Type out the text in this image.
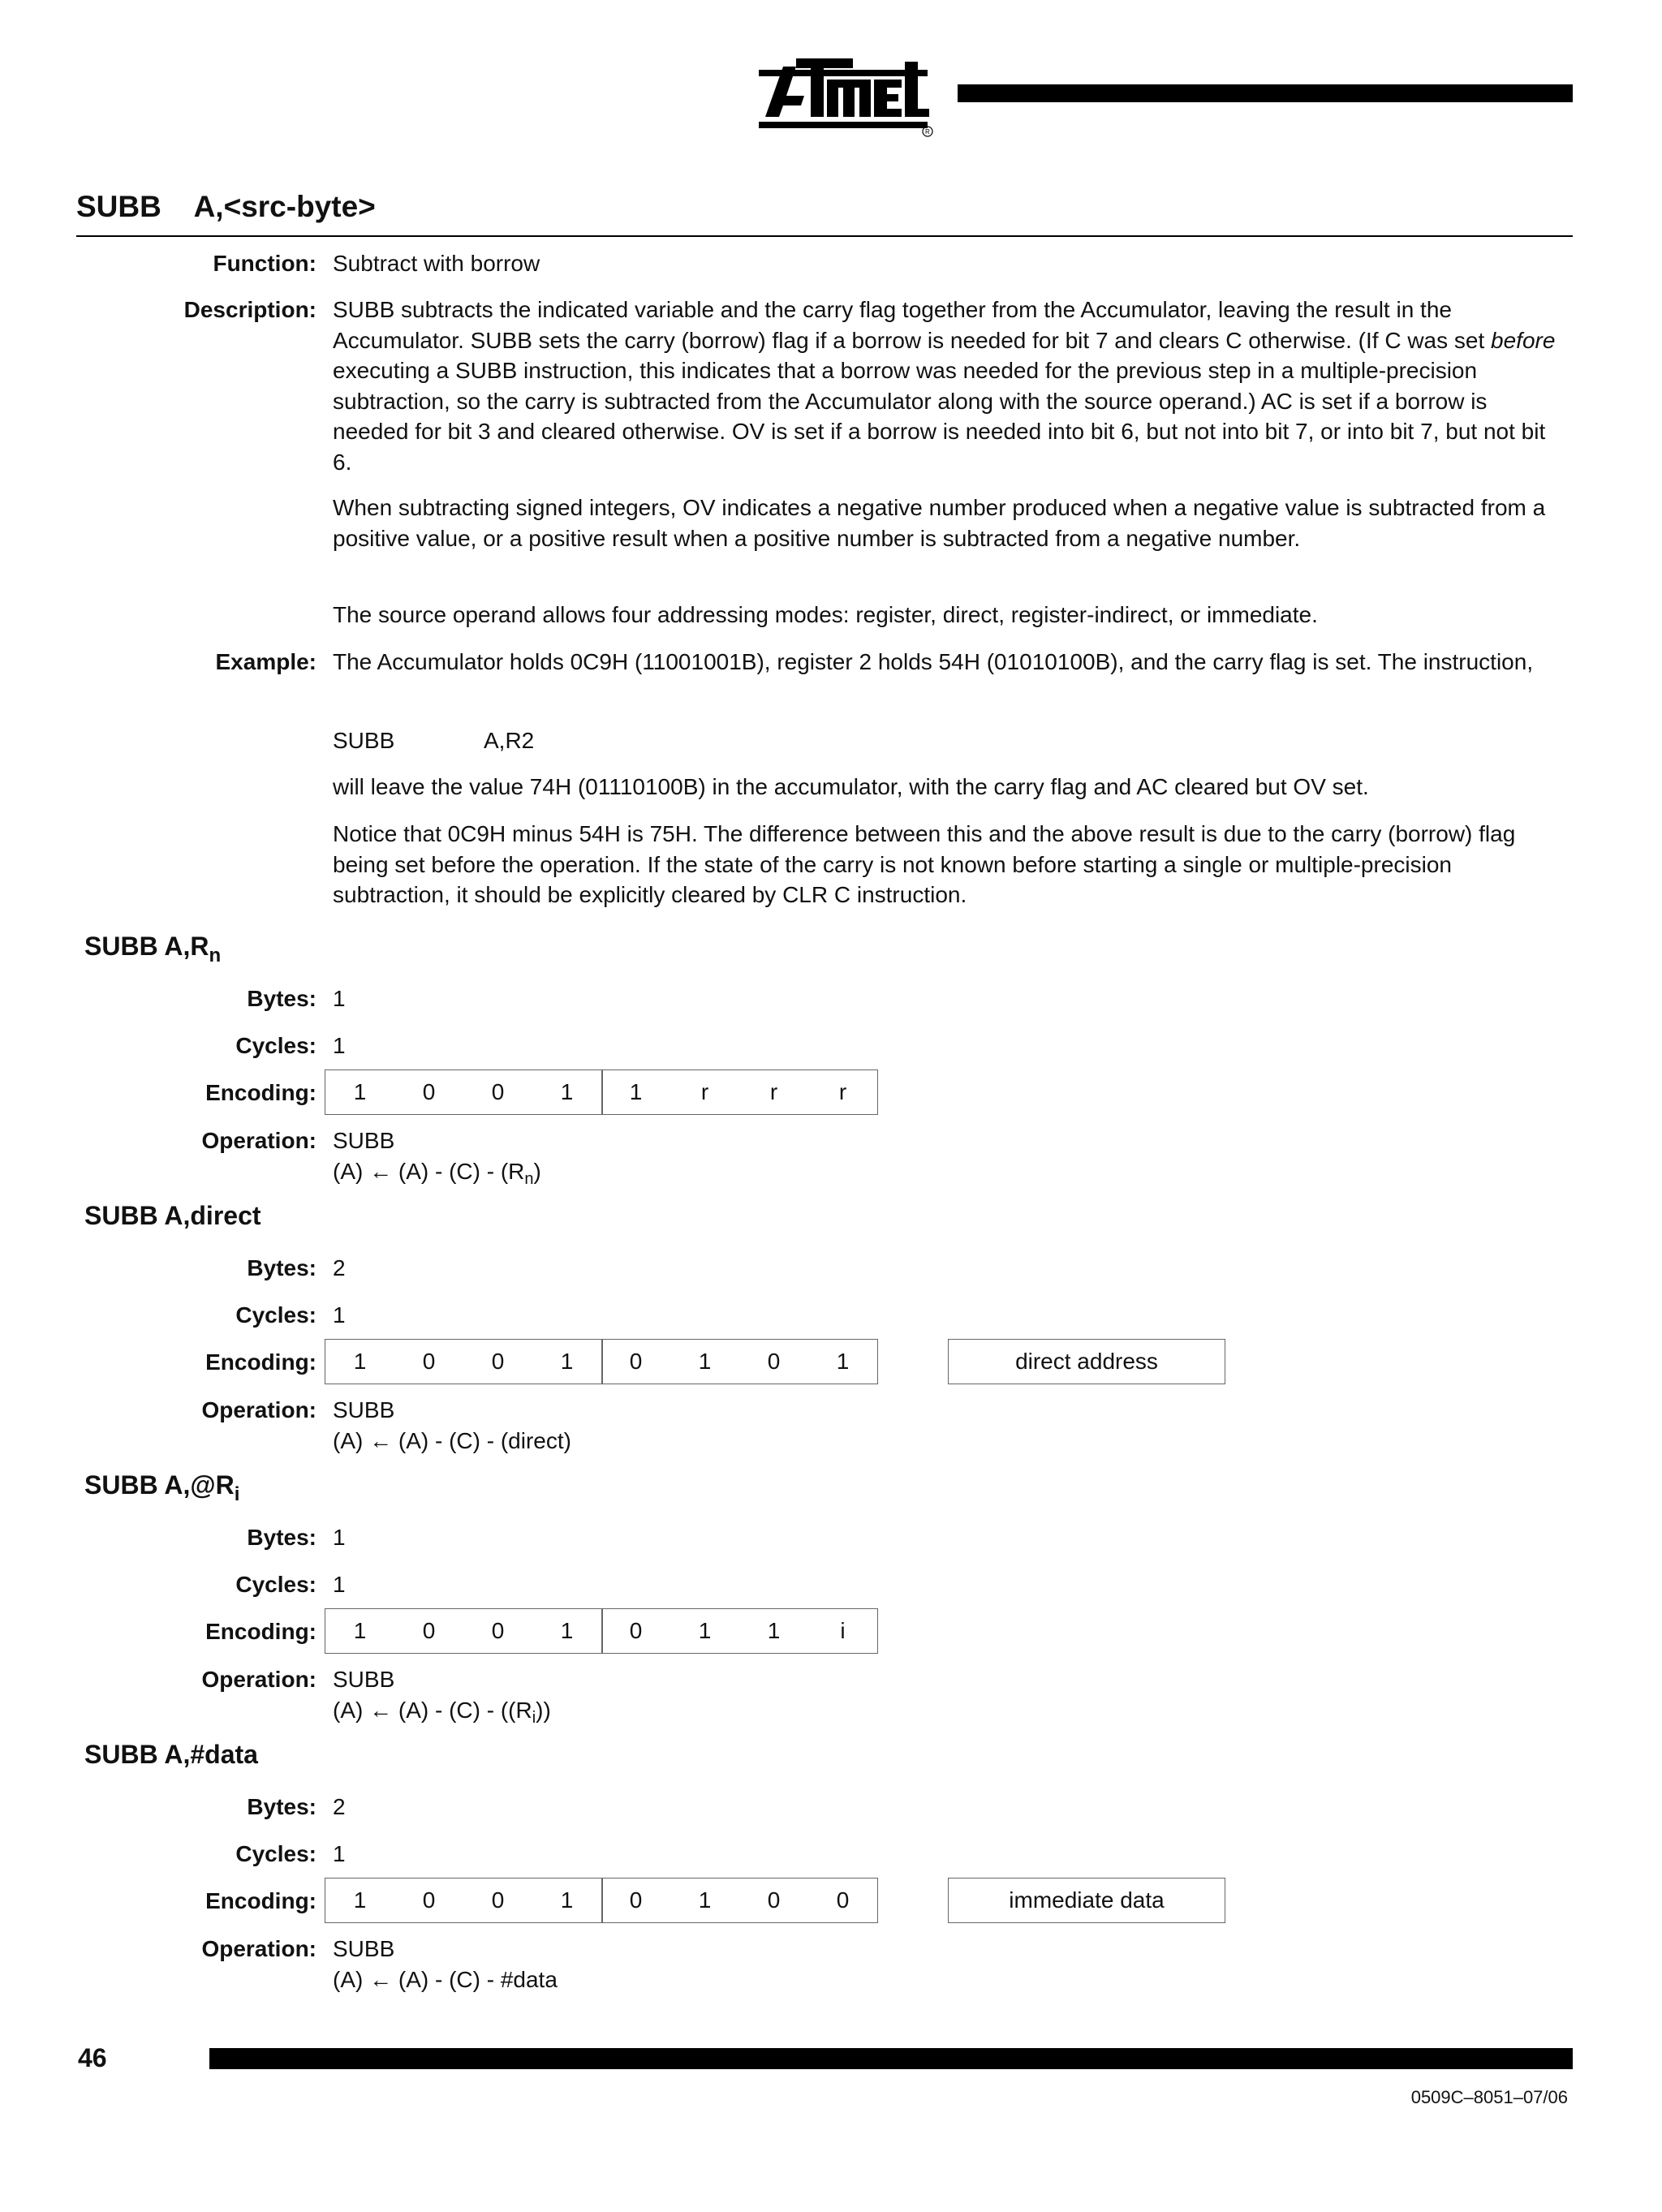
R
SUBB    A,<src-byte>
Function: Subtract with borrow
Description: SUBB subtracts the indicated variable and the carry flag together from the Accumulator, leaving the result in the Accumulator. SUBB sets the carry (borrow) flag if a borrow is needed for bit 7 and clears C otherwise. (If C was set before executing a SUBB instruction, this indicates that a borrow was needed for the previous step in a multiple-precision subtraction, so the carry is subtracted from the Accumulator along with the source operand.) AC is set if a borrow is needed for bit 3 and cleared otherwise. OV is set if a borrow is needed into bit 6, but not into bit 7, or into bit 7, but not bit 6.
When subtracting signed integers, OV indicates a negative number produced when a negative value is subtracted from a positive value, or a positive result when a positive number is subtracted from a negative number.
The source operand allows four addressing modes: register, direct, register-indirect, or immediate.
Example: The Accumulator holds 0C9H (11001001B), register 2 holds 54H (01010100B), and the carry flag is set. The instruction,
SUBB	A,R2
will leave the value 74H (01110100B) in the accumulator, with the carry flag and AC cleared but OV set.
Notice that 0C9H minus 54H is 75H. The difference between this and the above result is due to the carry (borrow) flag being set before the operation. If the state of the carry is not known before starting a single or multiple-precision subtraction, it should be explicitly cleared by CLR C instruction.
SUBB $A,R_n$
Bytes: 1
Cycles: 1
Encoding:	1	0	0	1	1	r	r	r
Operation: SUBB
(A) ← $(A) - (C) - (R_n)$
SUBB A,direct
Bytes: 2
Cycles: 1
Encoding:	1	0	0	1	0	1	0	1	direct address
Operation: SUBB
(A) ← (A) - (C) - (direct)
SUBB $A,@R_i$
Bytes: 1
Cycles: 1
Encoding:	1	0	0	1	0	1	1	i
Operation: SUBB
(A) ← $(A) - (C) - ((R_i))$
SUBB A,#data
Bytes: 2
Cycles: 1
Encoding:	1	0	0	1	0	1	0	0	immediate data
Operation: SUBB
(A) ← (A) - (C) - #data
46
0509C–8051–07/06
